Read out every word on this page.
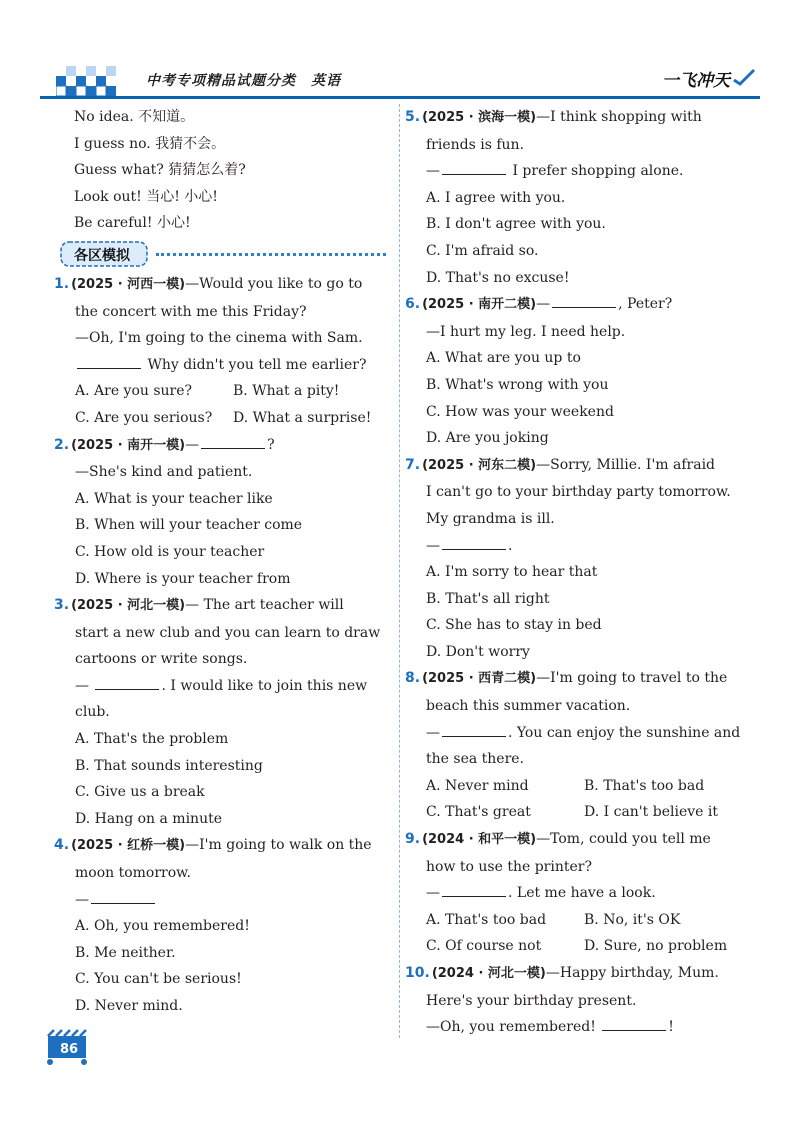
中考专项精品试题分类　英语	一飞冲天
No idea. 不知道。
I guess no. 我猜不会。
Guess what? 猜猜怎么着?
Look out! 当心! 小心!
Be careful! 小心!
各区模拟
1. (2025 · 河西一模)—Would you like to go to
the concert with me this Friday?
—Oh, I'm going to the cinema with Sam.
Why didn't you tell me earlier?
A. Are you sure?	B. What a pity!
C. Are you serious?	D. What a surprise!
2. (2025 · 南开一模)—	?
—She's kind and patient.
A. What is your teacher like
B. When will your teacher come
C. How old is your teacher
D. Where is your teacher from
3. (2025 · 河北一模)— The art teacher will
start a new club and you can learn to draw
cartoons or write songs.
—	. I would like to join this new
club.
A. That's the problem
B. That sounds interesting
C. Give us a break
D. Hang on a minute
4. (2025 · 红桥一模)—I'm going to walk on the
moon tomorrow.
—
A. Oh, you remembered!
B. Me neither.
C. You can't be serious!
D. Never mind.
5. (2025 · 滨海一模)—I think shopping with
friends is fun.
—	I prefer shopping alone.
A. I agree with you.
B. I don't agree with you.
C. I'm afraid so.
D. That's no excuse!
6. (2025 · 南开二模)—	, Peter?
—I hurt my leg. I need help.
A. What are you up to
B. What's wrong with you
C. How was your weekend
D. Are you joking
7. (2025 · 河东二模)—Sorry, Millie. I'm afraid
I can't go to your birthday party tomorrow.
My grandma is ill.
—	.
A. I'm sorry to hear that
B. That's all right
C. She has to stay in bed
D. Don't worry
8. (2025 · 西青二模)—I'm going to travel to the
beach this summer vacation.
—	. You can enjoy the sunshine and
the sea there.
A. Never mind	B. That's too bad
C. That's great	D. I can't believe it
9. (2024 · 和平一模)—Tom, could you tell me
how to use the printer?
—	. Let me have a look.
A. That's too bad	B. No, it's OK
C. Of course not	D. Sure, no problem
10. (2024 · 河北一模)—Happy birthday, Mum.
Here's your birthday present.
—Oh, you remembered!	!
86
